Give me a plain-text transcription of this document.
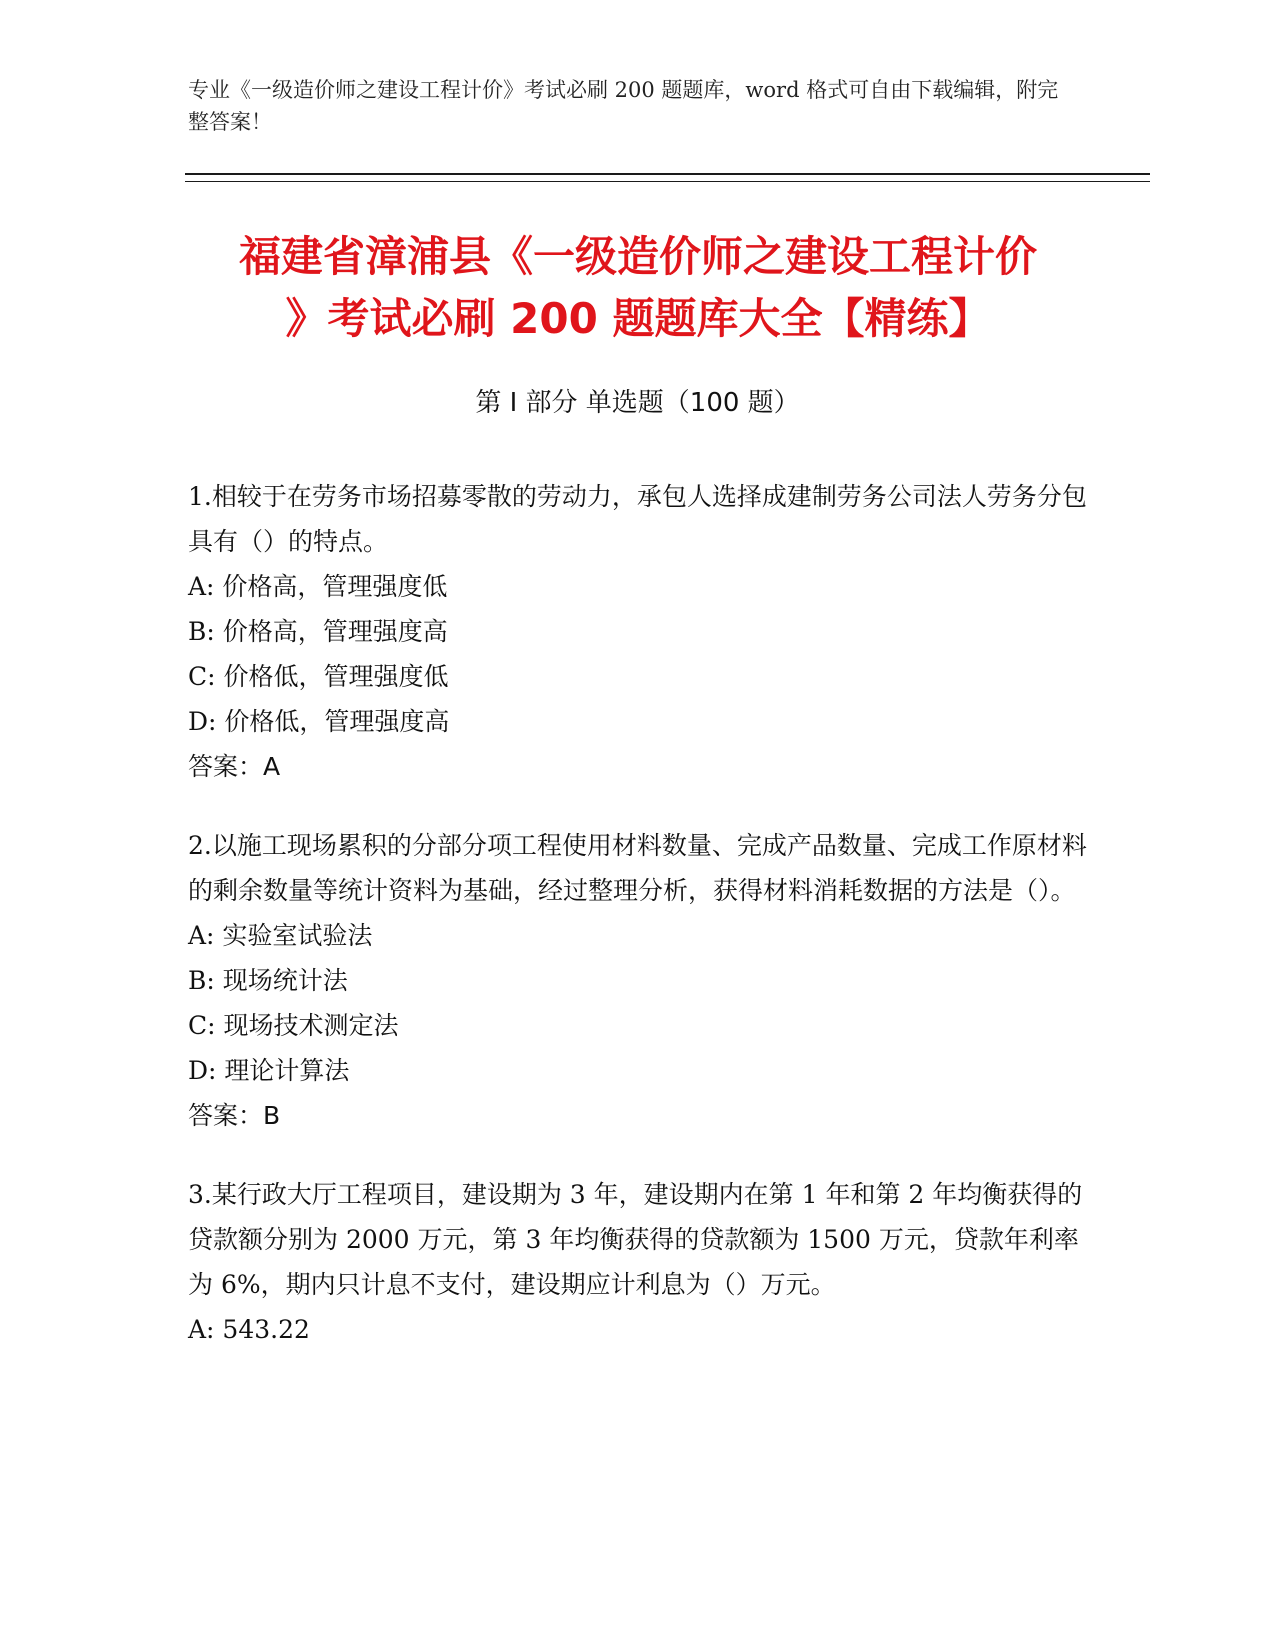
专业《一级造价师之建设工程计价》考试必刷 200 题题库，word 格式可自由下载编辑，附完整答案！
福建省漳浦县《一级造价师之建设工程计价
》考试必刷 200 题题库大全【精练】
第 I 部分 单选题（100 题）

1.相较于在劳务市场招募零散的劳动力，承包人选择成建制劳务公司法人劳务分包具有（）的特点。

A: 价格高，管理强度低

B: 价格高，管理强度高

C: 价格低，管理强度低

D: 价格低，管理强度高

答案：A

2.以施工现场累积的分部分项工程使用材料数量、完成产品数量、完成工作原材料的剩余数量等统计资料为基础，经过整理分析，获得材料消耗数据的方法是（）。

A: 实验室试验法

B: 现场统计法

C: 现场技术测定法

D: 理论计算法

答案：B

3.某行政大厅工程项目，建设期为 3 年，建设期内在第 1 年和第 2 年均衡获得的贷款额分别为 2000 万元，第 3 年均衡获得的贷款额为 1500 万元，贷款年利率为 6%，期内只计息不支付，建设期应计利息为（）万元。

A: 543.22
